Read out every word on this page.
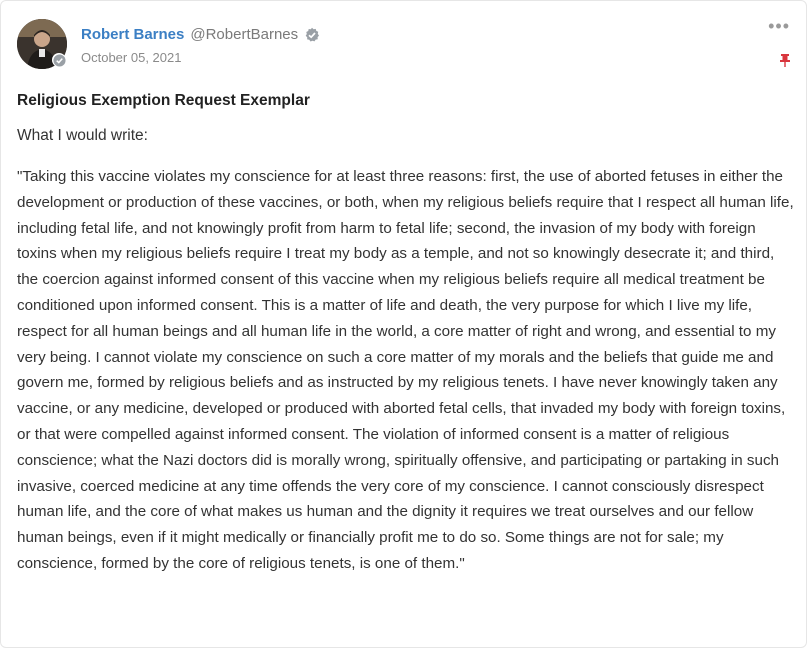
Robert Barnes @RobertBarnes
October 05, 2021
•••
Religious Exemption Request Exemplar
What I would write:

"Taking this vaccine violates my conscience for at least three reasons: first, the use of aborted fetuses in either the development or production of these vaccines, or both, when my religious beliefs require that I respect all human life, including fetal life, and not knowingly profit from harm to fetal life; second, the invasion of my body with foreign toxins when my religious beliefs require I treat my body as a temple, and not so knowingly desecrate it; and third, the coercion against informed consent of this vaccine when my religious beliefs require all medical treatment be conditioned upon informed consent. This is a matter of life and death, the very purpose for which I live my life, respect for all human beings and all human life in the world, a core matter of right and wrong, and essential to my very being. I cannot violate my conscience on such a core matter of my morals and the beliefs that guide me and govern me, formed by religious beliefs and as instructed by my religious tenets. I have never knowingly taken any vaccine, or any medicine, developed or produced with aborted fetal cells, that invaded my body with foreign toxins, or that were compelled against informed consent. The violation of informed consent is a matter of religious conscience; what the Nazi doctors did is morally wrong, spiritually offensive, and participating or partaking in such invasive, coerced medicine at any time offends the very core of my conscience. I cannot consciously disrespect human life, and the core of what makes us human and the dignity it requires we treat ourselves and our fellow human beings, even if it might medically or financially profit me to do so. Some things are not for sale; my conscience, formed by the core of religious tenets, is one of them."
